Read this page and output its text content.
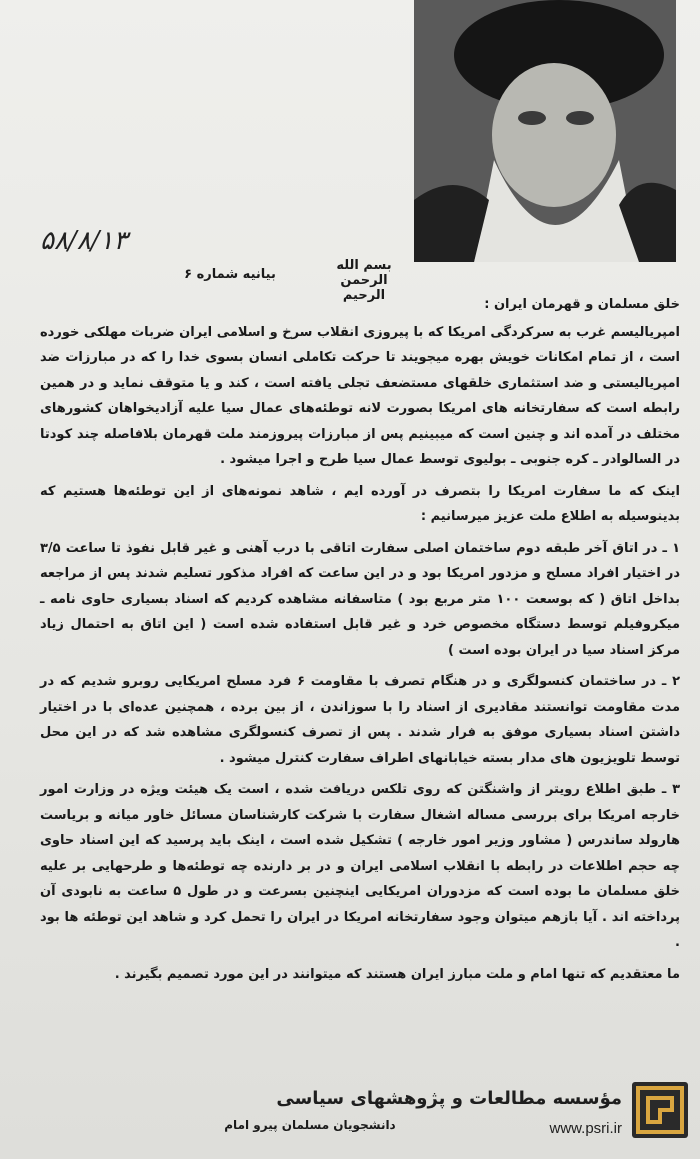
۵۸/۸/۱۳
بسم الله الرحمن الرحیم
بیانیه شماره ۶

خلق مسلمان و قهرمان ایران :

امپریالیسم غرب به سرکردگی امریکا که با پیروزی انقلاب سرخ و اسلامی ایران ضربات مهلکی خورده است ، از تمام امکانات خویش بهره میجویند تا حرکت تکاملی انسان بسوی خدا را که در مبارزات ضد امپریالیستی و ضد استثماری خلقهای مستضعف تجلی یافته است ، کند و یا متوقف نماید و در همین رابطه است که سفارتخانه های امریکا بصورت لانه توطئه‌های عمال سیا علیه آزادیخواهان کشورهای مختلف در آمده اند و چنین است که میبینیم پس از مبارزات پیروزمند ملت قهرمان بلافاصله چند کودتا در السالوادر ـ کره جنوبی ـ بولیوی توسط عمال سیا طرح و اجرا میشود .

اینک که ما سفارت امریکا را بتصرف در آورده ایم ، شاهد نمونه‌های از این توطئه‌ها هستیم که بدینوسیله به اطلاع ملت عزیز میرسانیم :

۱ ـ در اتاق آخر طبقه دوم ساختمان اصلی سفارت اتاقی با درب آهنی و غیر قابل نفوذ تا ساعت ۳/۵ در اختیار افراد مسلح و مزدور امریکا بود و در این ساعت که افراد مذکور تسلیم شدند پس از مراجعه بداخل اتاق ( که بوسعت ۱۰۰ متر مربع بود ) متاسفانه مشاهده کردیم که اسناد بسیاری حاوی نامه ـ میکروفیلم توسط دستگاه مخصوص خرد و غیر قابل استفاده شده است ( این اتاق به احتمال زیاد مرکز اسناد سیا در ایران بوده است )

۲ ـ در ساختمان کنسولگری و در هنگام تصرف با مقاومت ۶ فرد مسلح امریکایی روبرو شدیم که در مدت مقاومت توانستند مقادیری از اسناد را با سوزاندن ، از بین برده ، همچنین عده‌ای با در اختیار داشتن اسناد بسیاری موفق به فرار شدند . پس از تصرف کنسولگری مشاهده شد که در این محل توسط تلویزیون های مدار بسته خیابانهای اطراف سفارت کنترل میشود .

۳ ـ طبق اطلاع رویتر از واشنگتن که روی تلکس دریافت شده ، است یک هیئت ویژه در وزارت امور خارجه امریکا برای بررسی مساله اشغال سفارت با شرکت کارشناسان مسائل خاور میانه و بریاست هارولد ساندرس ( مشاور وزیر امور خارجه ) تشکیل شده است ، اینک باید پرسید که این اسناد حاوی چه حجم اطلاعات در رابطه با انقلاب اسلامی ایران و در بر دارنده چه توطئه‌ها و طرحهایی بر علیه خلق مسلمان ما بوده است که مزدوران امریکایی اینچنین بسرعت و در طول ۵ ساعت به نابودی آن پرداخته اند . آیا بازهم میتوان وجود سفارتخانه امریکا در ایران را تحمل کرد و شاهد این توطئه ها بود .

ما معتقدیم که تنها امام و ملت مبارز ایران هستند که میتوانند در این مورد تصمیم بگیرند .

دانشجویان مسلمان پیرو امام
مؤسسه مطالعات و پژوهشهای سیاسی
www.psri.ir
